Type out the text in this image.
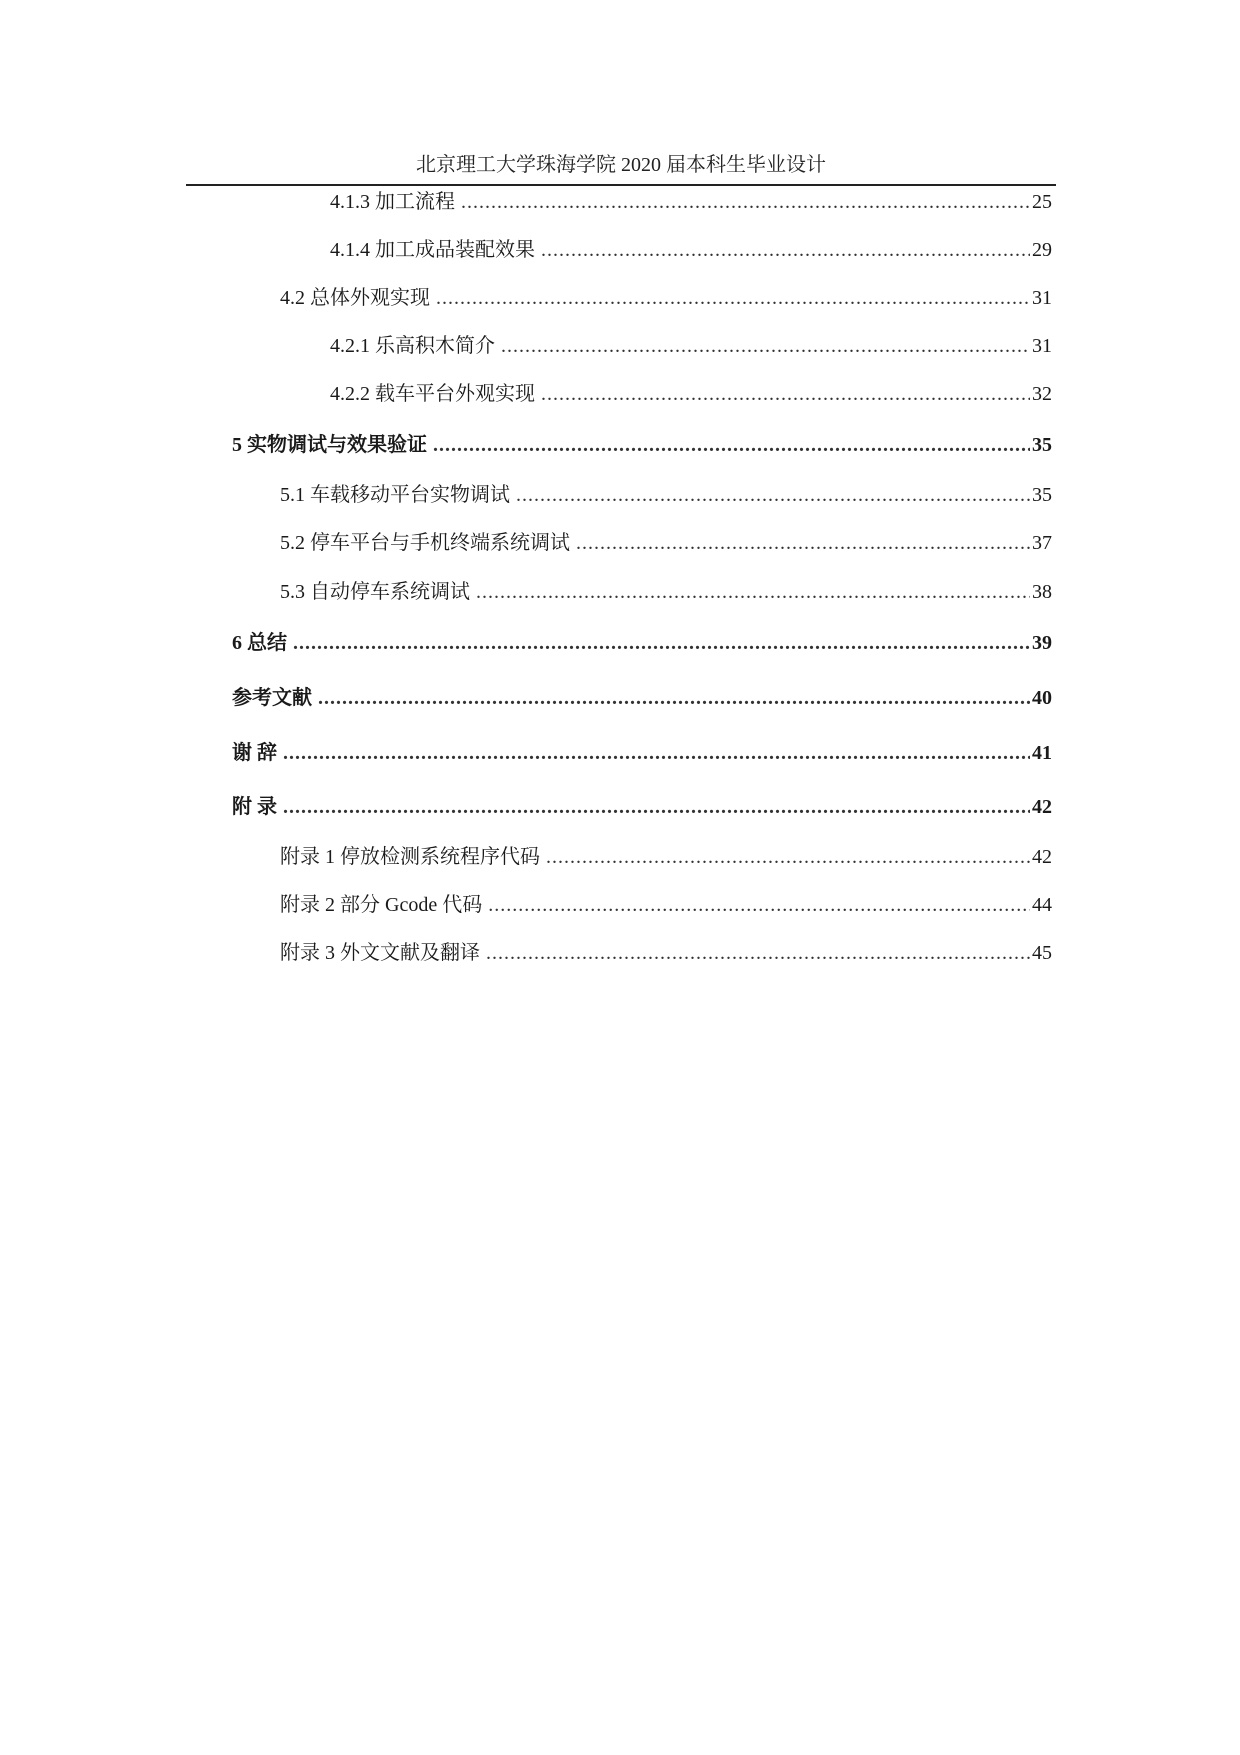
北京理工大学珠海学院 2020 届本科生毕业设计
4.1.3 加工流程 .....	25
4.1.4 加工成品装配效果 .....	29
4.2 总体外观实现 .....	31
4.2.1 乐高积木简介 .....	31
4.2.2 载车平台外观实现 .....	32
5 实物调试与效果验证 .....	35
5.1 车载移动平台实物调试 .....	35
5.2 停车平台与手机终端系统调试 .....	37
5.3 自动停车系统调试 .....	38
6 总结 .....	39
参考文献 .....	40
谢 辞 .....	41
附 录 .....	42
附录 1 停放检测系统程序代码 .....	42
附录 2 部分 Gcode 代码 .....	44
附录 3 外文文献及翻译 .....	45
